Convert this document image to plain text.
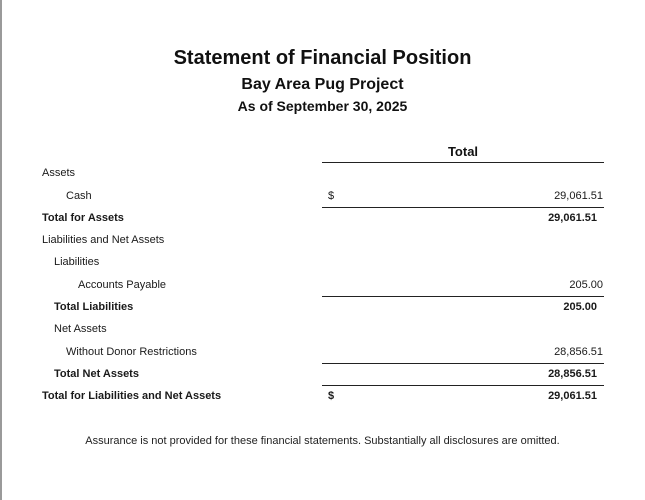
Statement of Financial Position
Bay Area Pug Project
As of September 30, 2025
Total
Assets
Cash	$	29,061.51
Total for Assets	29,061.51
Liabilities and Net Assets
Liabilities
Accounts Payable	205.00
Total Liabilities	205.00
Net Assets
Without Donor Restrictions	28,856.51
Total Net Assets	28,856.51
Total for Liabilities and Net Assets	$	29,061.51
Assurance is not provided for these financial statements. Substantially all disclosures are omitted.
